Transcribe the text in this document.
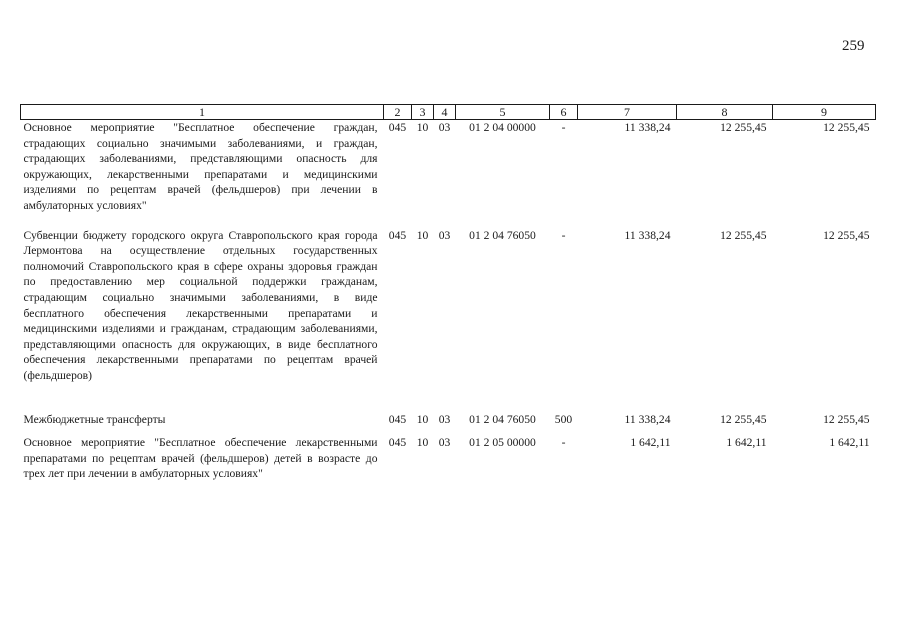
259
1	2	3	4	5	6	7	8	9
Основное мероприятие "Бесплатное обеспечение граждан, страдающих социально значимыми заболеваниями, и граждан, страдающих заболеваниями, представляющими опасность для окружающих, лекарственными препаратами и медицинскими изделиями по рецептам врачей (фельдшеров) при лечении в амбулаторных условиях"	045	10	03	01 2 04 00000	-	11 338,24	12 255,45	12 255,45

Субвенции бюджету городского округа Ставропольского края города Лермонтова на осуществление отдельных государственных полномочий Ставропольского края в сфере охраны здоровья граждан по предоставлению мер социальной поддержки гражданам, страдающим социально значимыми заболеваниями, в виде бесплатного обеспечения лекарственными препаратами и медицинскими изделиями и гражданам, страдающим заболеваниями, представляющими опасность для окружающих, в виде бесплатного обеспечения лекарственными препаратами по рецептам врачей (фельдшеров)	045	10	03	01 2 04 76050	-	11 338,24	12 255,45	12 255,45

Межбюджетные трансферты	045	10	03	01 2 04 76050	500	11 338,24	12 255,45	12 255,45

Основное мероприятие "Бесплатное обеспечение лекарственными препаратами по рецептам врачей (фельдшеров) детей в возрасте до трех лет при лечении в амбулаторных условиях"	045	10	03	01 2 05 00000	-	1 642,11	1 642,11	1 642,11
